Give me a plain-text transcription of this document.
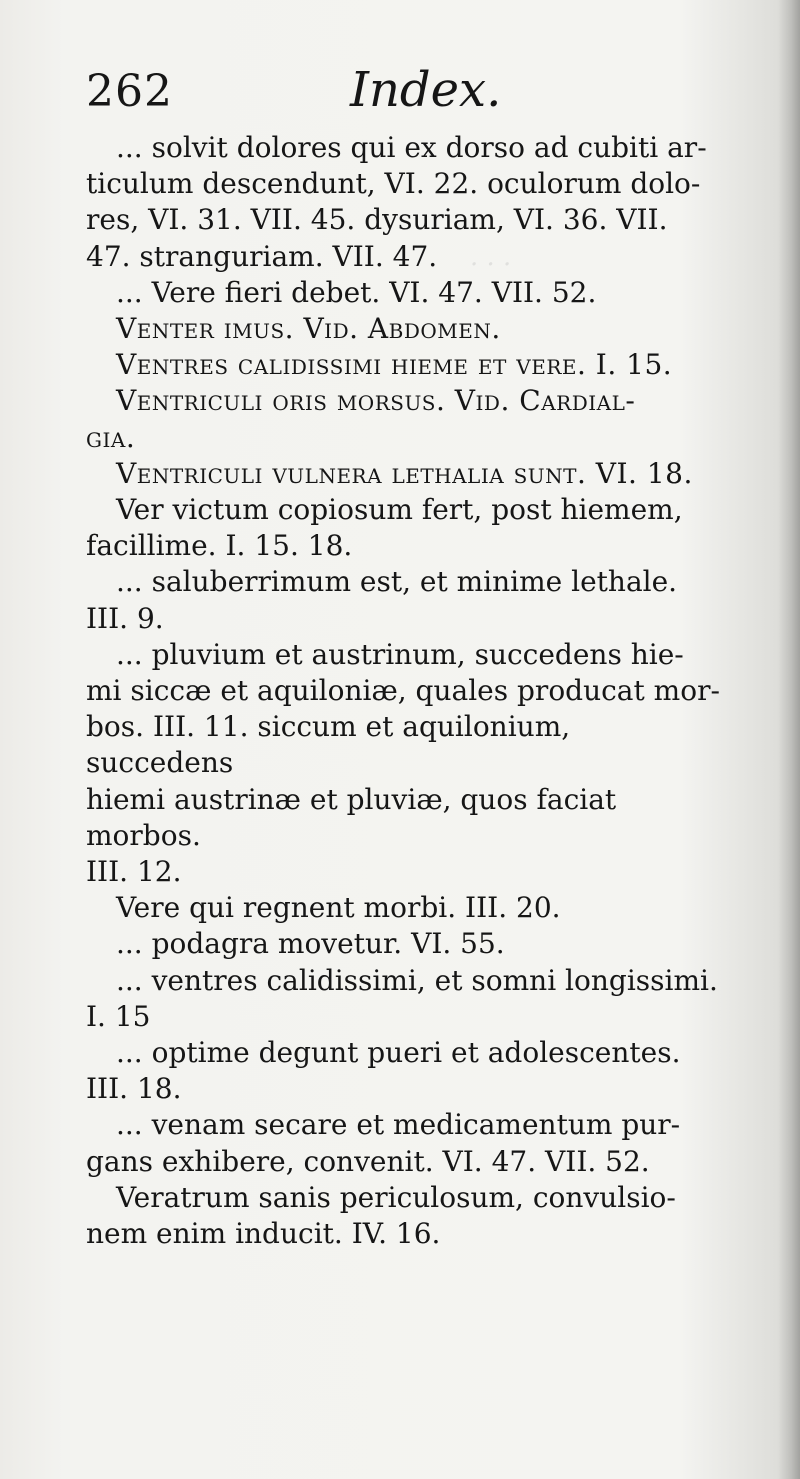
· · ·
262	Index.

... solvit dolores qui ex dorso ad cubiti ar-

ticulum descendunt, VI. 22. oculorum dolo-

res, VI. 31. VII. 45. dysuriam, VI. 36. VII.

47. stranguriam. VII. 47.

... Vere fieri debet. VI. 47. VII. 52.

Venter imus. Vid. Abdomen.

Ventres calidissimi hieme et vere. I. 15.

Ventriculi oris morsus. Vid. Cardial-

gia.

Ventriculi vulnera lethalia sunt. VI. 18.

Ver victum copiosum fert, post hiemem,

facillime. I. 15. 18.

... saluberrimum est, et minime lethale.

III. 9.

... pluvium et austrinum, succedens hie-

mi siccæ et aquiloniæ, quales producat mor-

bos. III. 11. siccum et aquilonium, succedens

hiemi austrinæ et pluviæ, quos faciat morbos.

III. 12.

Vere qui regnent morbi. III. 20.

... podagra movetur. VI. 55.

... ventres calidissimi, et somni longissimi.

I. 15

... optime degunt pueri et adolescentes.

III. 18.

... venam secare et medicamentum pur-

gans exhibere, convenit. VI. 47. VII. 52.

Veratrum sanis periculosum, convulsio-

nem enim inducit. IV. 16.
